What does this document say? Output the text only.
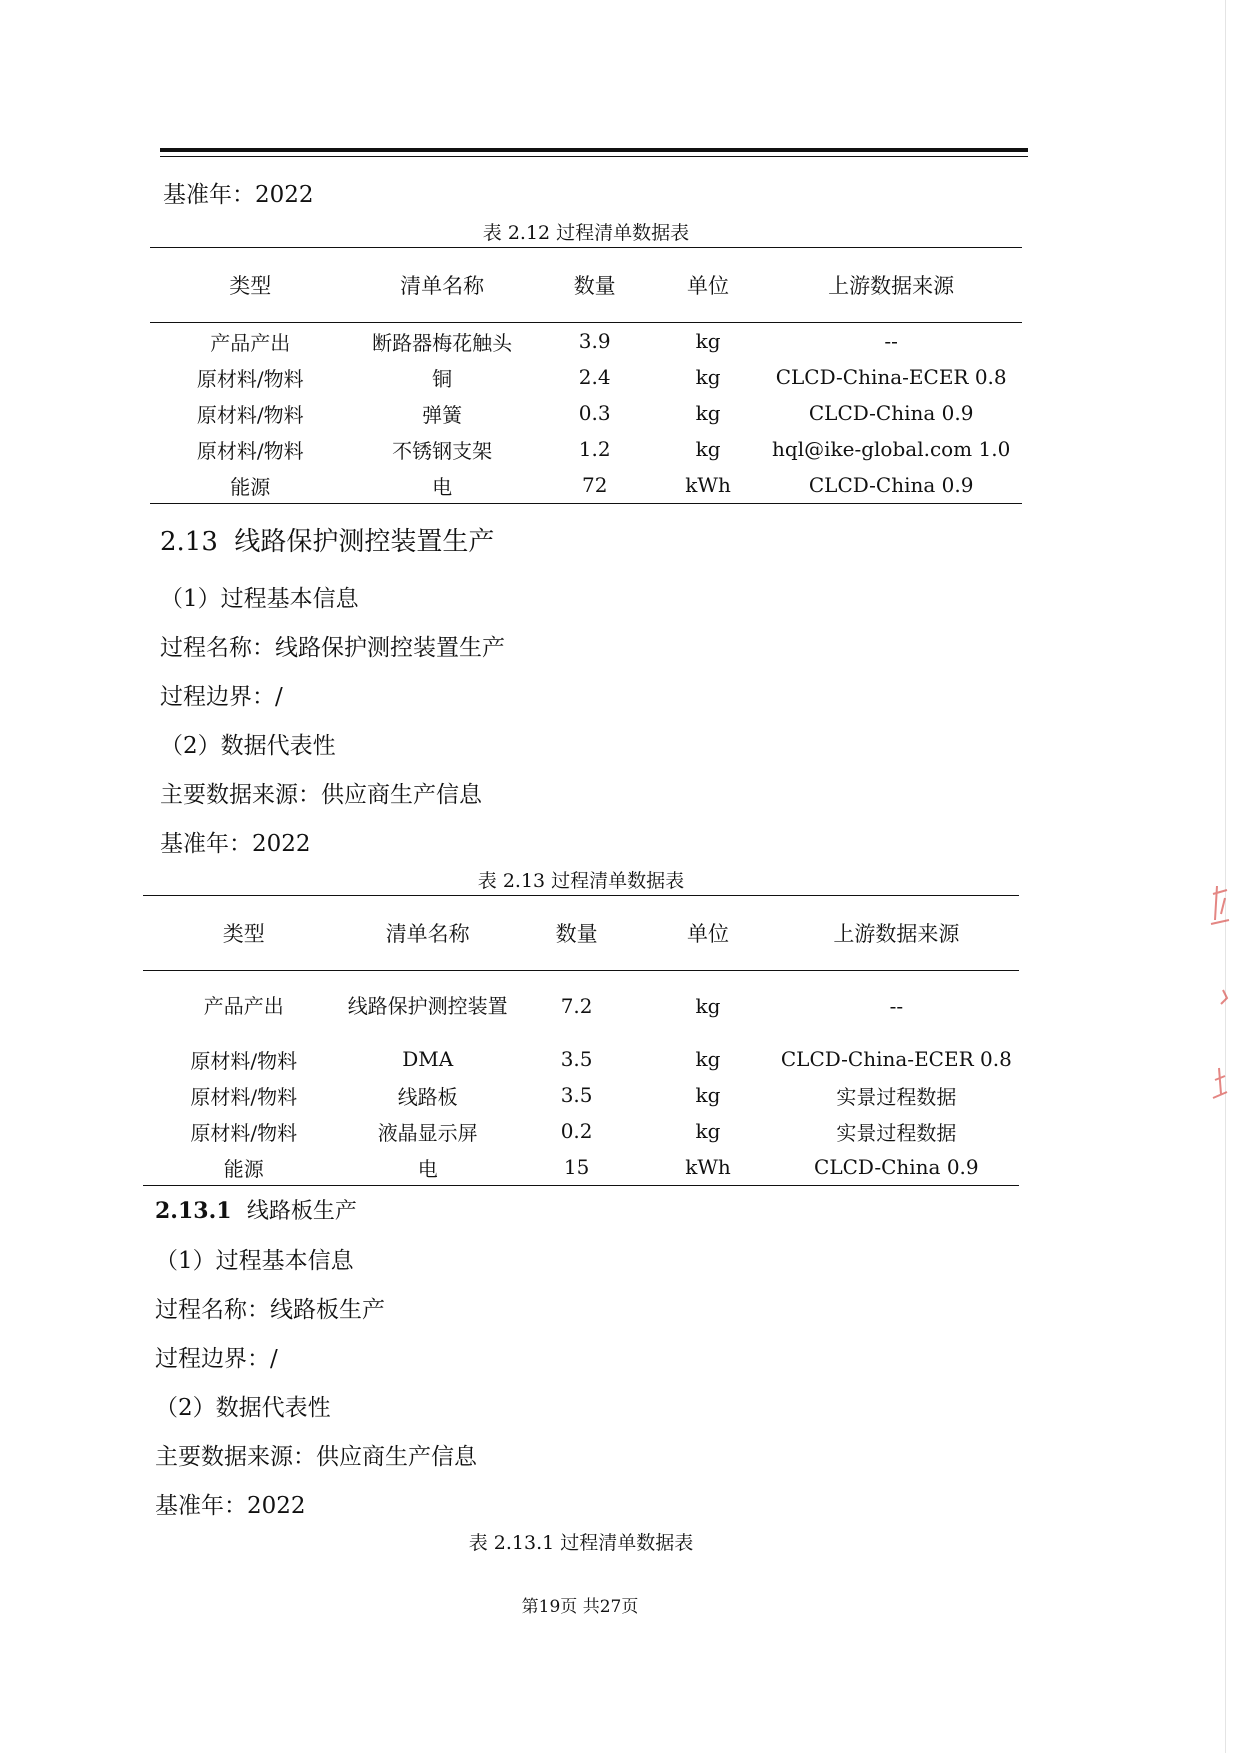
基准年：2022
表 2.12 过程清单数据表
类型	清单名称	数量	单位	上游数据来源
产品产出	断路器梅花触头	3.9	kg	--
原材料/物料	铜	2.4	kg	CLCD-China-ECER 0.8
原材料/物料	弹簧	0.3	kg	CLCD-China 0.9
原材料/物料	不锈钢支架	1.2	kg	hql@ike-global.com 1.0
能源	电	72	kWh	CLCD-China 0.9
2.13 线路保护测控装置生产
（1）过程基本信息
过程名称：线路保护测控装置生产
过程边界：/
（2）数据代表性
主要数据来源：供应商生产信息
基准年：2022
表 2.13 过程清单数据表
类型	清单名称	数量	单位	上游数据来源
产品产出	线路保护测控装置	7.2	kg	--
原材料/物料	DMA	3.5	kg	CLCD-China-ECER 0.8
原材料/物料	线路板	3.5	kg	实景过程数据
原材料/物料	液晶显示屏	0.2	kg	实景过程数据
能源	电	15	kWh	CLCD-China 0.9
2.13.1 线路板生产
（1）过程基本信息
过程名称：线路板生产
过程边界：/
（2）数据代表性
主要数据来源：供应商生产信息
基准年：2022
表 2.13.1 过程清单数据表
第19页 共27页
